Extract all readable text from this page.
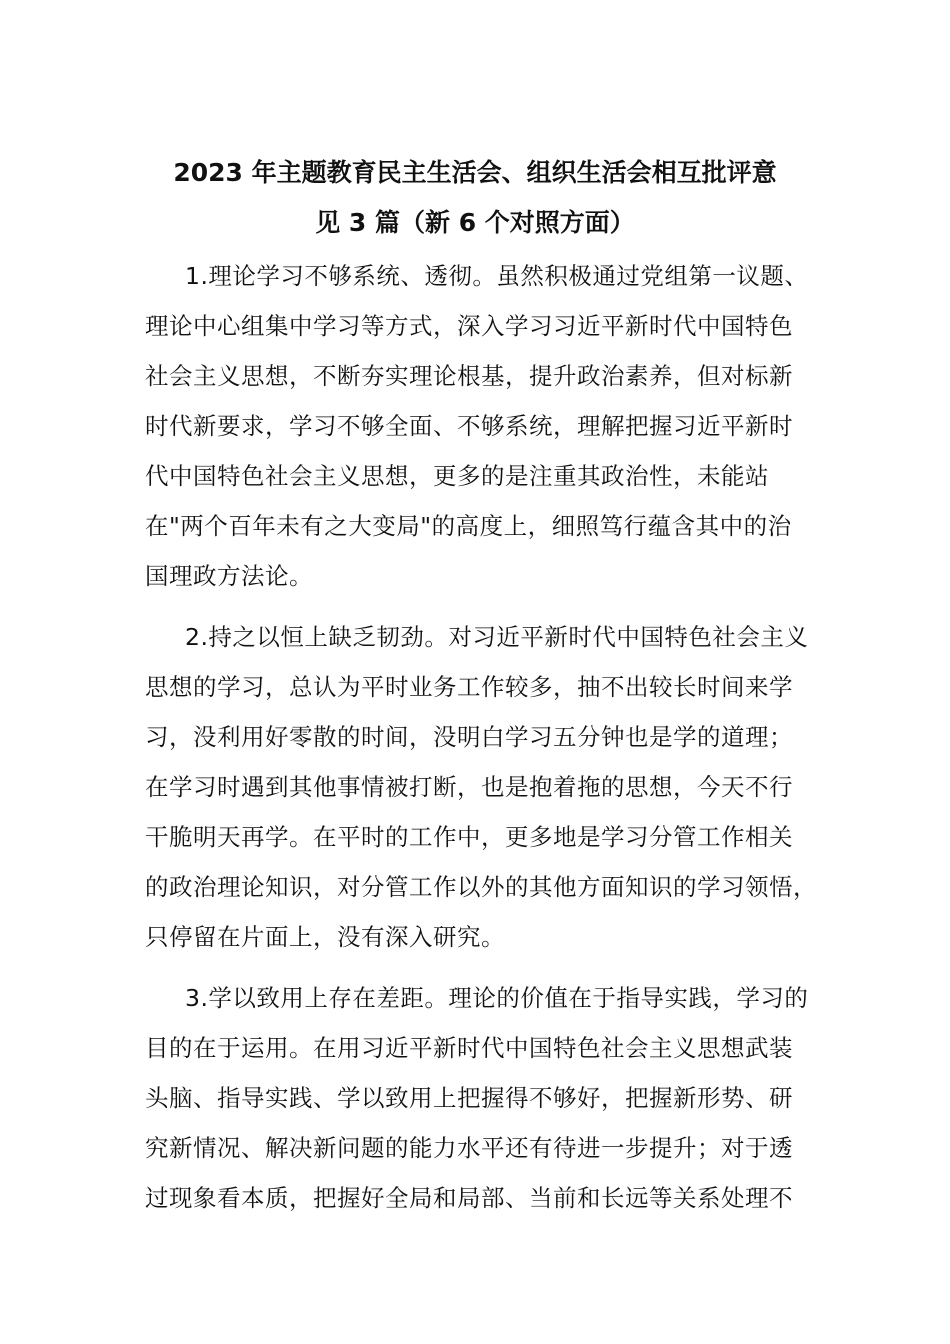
2023 年主题教育民主生活会、组织生活会相互批评意
见 3 篇（新 6 个对照方面）
1.理论学习不够系统、透彻。虽然积极通过党组第一议题、
理论中心组集中学习等方式，深入学习习近平新时代中国特色
社会主义思想，不断夯实理论根基，提升政治素养，但对标新
时代新要求，学习不够全面、不够系统，理解把握习近平新时
代中国特色社会主义思想，更多的是注重其政治性，未能站
在"两个百年未有之大变局"的高度上，细照笃行蕴含其中的治
国理政方法论。
2.持之以恒上缺乏韧劲。对习近平新时代中国特色社会主义
思想的学习，总认为平时业务工作较多，抽不出较长时间来学
习，没利用好零散的时间，没明白学习五分钟也是学的道理；
在学习时遇到其他事情被打断，也是抱着拖的思想，今天不行
干脆明天再学。在平时的工作中，更多地是学习分管工作相关
的政治理论知识，对分管工作以外的其他方面知识的学习领悟，
只停留在片面上，没有深入研究。
3.学以致用上存在差距。理论的价值在于指导实践，学习的
目的在于运用。在用习近平新时代中国特色社会主义思想武装
头脑、指导实践、学以致用上把握得不够好，把握新形势、研
究新情况、解决新问题的能力水平还有待进一步提升；对于透
过现象看本质，把握好全局和局部、当前和长远等关系处理不
